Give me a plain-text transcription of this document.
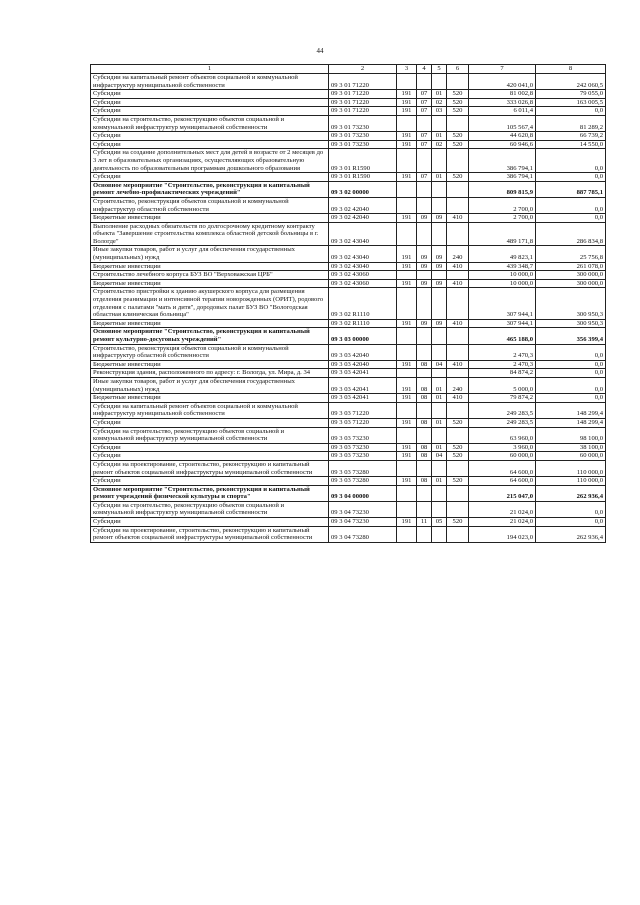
44
1	2	3	4	5	6	7	8
Субсидии на капитальный ремонт объектов социальной и коммунальной инфраструктур муниципальной собственности	09 3 01 71220					420 041,0	242 060,5
Субсидии	09 3 01 71220	191	07	01	520	81 002,8	79 055,0
Субсидии	09 3 01 71220	191	07	02	520	333 026,8	163 005,5
Субсидии	09 3 01 71220	191	07	03	520	6 011,4	0,0
Субсидии на строительство, реконструкцию объектов социальной и коммунальной инфраструктур муниципальной собственности	09 3 01 73230					105 567,4	81 289,2
Субсидии	09 3 01 73230	191	07	01	520	44 620,8	66 739,2
Субсидии	09 3 01 73230	191	07	02	520	60 946,6	14 550,0
Субсидии на создание дополнительных мест для детей в возрасте от 2 месяцев до 3 лет в образовательных организациях, осуществляющих образовательную деятельность по образовательным программам дошкольного образования	09 3 01 R1590					386 794,1	0,0
Субсидии	09 3 01 R1590	191	07	01	520	386 794,1	0,0
Основное мероприятие "Строительство, реконструкция и капитальный ремонт лечебно-профилактических учреждений"	09 3 02 00000					809 815,9	887 785,1
Строительство, реконструкция объектов социальной и коммунальной инфраструктур областной собственности	09 3 02 42040					2 700,0	0,0
Бюджетные инвестиции	09 3 02 42040	191	09	09	410	2 700,0	0,0
Выполнение расходных обязательств по долгосрочному кредитному контракту объекта "Завершение строительства комплекса областной детской больницы в г. Вологде"	09 3 02 43040					489 171,8	286 834,8
Иные закупки товаров, работ и услуг для обеспечения государственных (муниципальных) нужд	09 3 02 43040	191	09	09	240	49 823,1	25 756,8
Бюджетные инвестиции	09 3 02 43040	191	09	09	410	439 348,7	261 078,0
Строительство лечебного корпуса БУЗ ВО "Верховажская ЦРБ"	09 3 02 43060					10 000,0	300 000,0
Бюджетные инвестиции	09 3 02 43060	191	09	09	410	10 000,0	300 000,0
Строительство пристройки к зданию акушерского корпуса для размещения отделения реанимации и интенсивной терапии новорожденных (ОРИТ), родового отделения с палатами "мать и дитя", дородовых палат БУЗ ВО "Вологодская областная клиническая больница"	09 3 02 R1110					307 944,1	300 950,3
Бюджетные инвестиции	09 3 02 R1110	191	09	09	410	307 944,1	300 950,3
Основное мероприятие "Строительство, реконструкция и капитальный ремонт культурно-досуговых учреждений"	09 3 03 00000					465 188,0	356 399,4
Строительство, реконструкция объектов социальной и коммунальной инфраструктур областной собственности	09 3 03 42040					2 470,3	0,0
Бюджетные инвестиции	09 3 03 42040	191	08	04	410	2 470,3	0,0
Реконструкция здания, расположенного по адресу: г. Вологда, ул. Мира, д. 34	09 3 03 42041					84 874,2	0,0
Иные закупки товаров, работ и услуг для обеспечения государственных (муниципальных) нужд	09 3 03 42041	191	08	01	240	5 000,0	0,0
Бюджетные инвестиции	09 3 03 42041	191	08	01	410	79 874,2	0,0
Субсидии на капитальный ремонт объектов социальной и коммунальной инфраструктур муниципальной собственности	09 3 03 71220					249 283,5	148 299,4
Субсидии	09 3 03 71220	191	08	01	520	249 283,5	148 299,4
Субсидии на строительство, реконструкцию объектов социальной и коммунальной инфраструктур муниципальной собственности	09 3 03 73230					63 960,0	98 100,0
Субсидии	09 3 03 73230	191	08	01	520	3 960,0	38 100,0
Субсидии	09 3 03 73230	191	08	04	520	60 000,0	60 000,0
Субсидии на проектирование, строительство, реконструкцию и капитальный ремонт объектов социальной инфраструктуры муниципальной собственности	09 3 03 73280					64 600,0	110 000,0
Субсидии	09 3 03 73280	191	08	01	520	64 600,0	110 000,0
Основное мероприятие "Строительство, реконструкция и капитальный ремонт учреждений физической культуры и спорта"	09 3 04 00000					215 047,0	262 936,4
Субсидии на строительство, реконструкцию объектов социальной и коммунальной инфраструктур муниципальной собственности	09 3 04 73230					21 024,0	0,0
Субсидии	09 3 04 73230	191	11	05	520	21 024,0	0,0
Субсидии на проектирование, строительство, реконструкцию и капитальный ремонт объектов социальной инфраструктуры муниципальной собственности	09 3 04 73280					194 023,0	262 936,4
